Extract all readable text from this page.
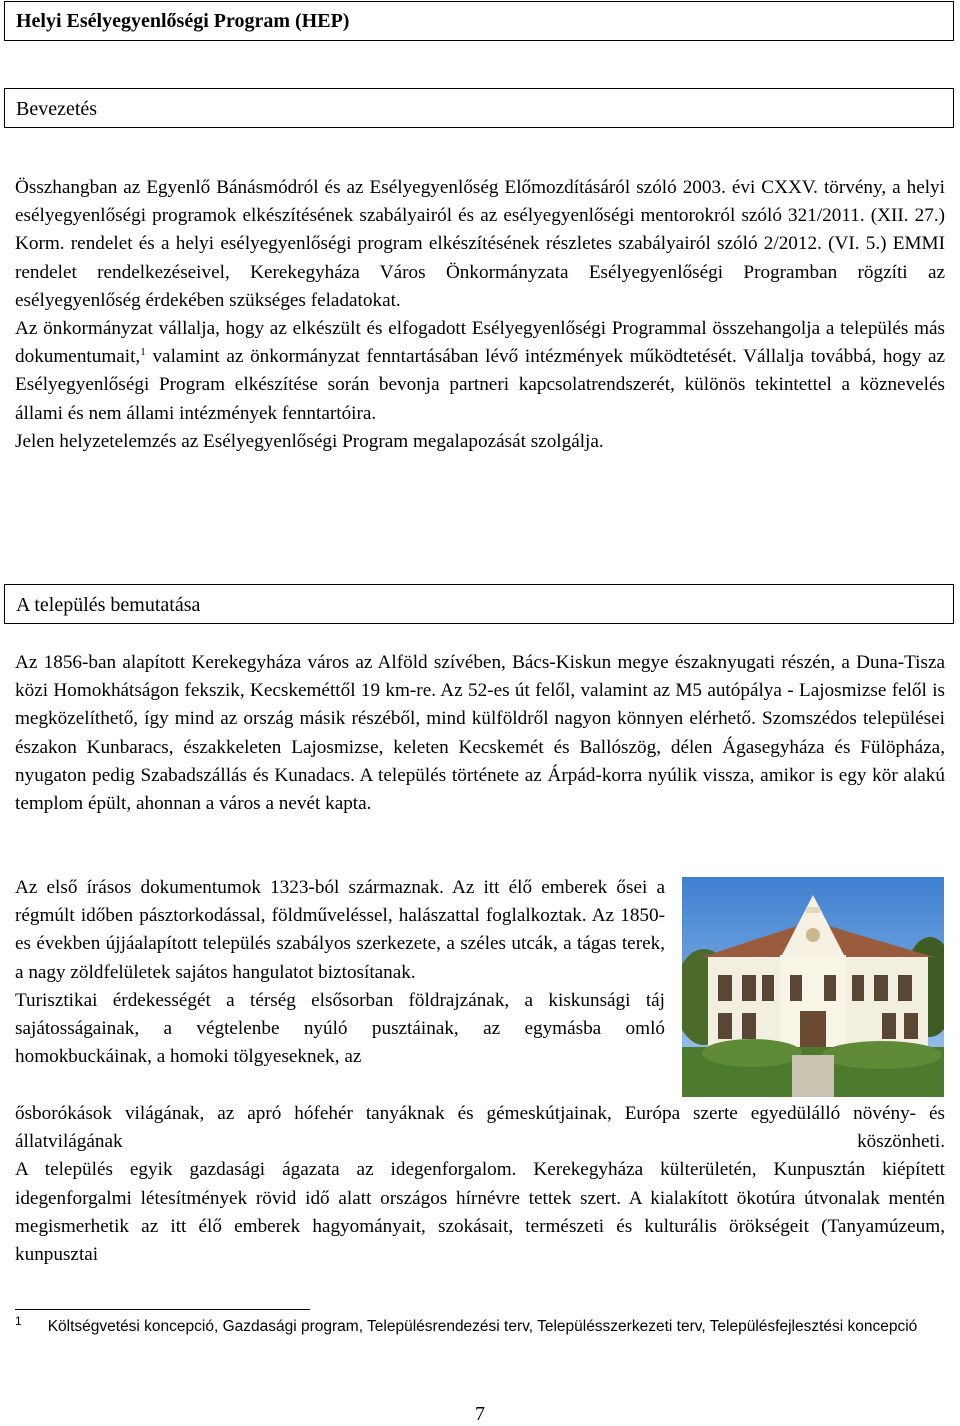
Helyi Esélyegyenlőségi Program (HEP)
Bevezetés

Összhangban az Egyenlő Bánásmódról és az Esélyegyenlőség Előmozdításáról szóló 2003. évi CXXV. törvény, a helyi esélyegyenlőségi programok elkészítésének szabályairól és az esélyegyenlőségi mentorokról szóló 321/2011. (XII. 27.) Korm. rendelet és a helyi esélyegyenlőségi program elkészítésének részletes szabályairól szóló 2/2012. (VI. 5.) EMMI rendelet rendelkezéseivel, Kerekegyháza Város Önkormányzata Esélyegyenlőségi Programban rögzíti az esélyegyenlőség érdekében szükséges feladatokat.

Az önkormányzat vállalja, hogy az elkészült és elfogadott Esélyegyenlőségi Programmal összehangolja a település más dokumentumait,$^1$ valamint az önkormányzat fenntartásában lévő intézmények működtetését. Vállalja továbbá, hogy az Esélyegyenlőségi Program elkészítése során bevonja partneri kapcsolatrendszerét, különös tekintettel a köznevelés állami és nem állami intézmények fenntartóira.

Jelen helyzetelemzés az Esélyegyenlőségi Program megalapozását szolgálja.

A település bemutatása

Az 1856-ban alapított Kerekegyháza város az Alföld szívében, Bács-Kiskun megye északnyugati részén, a Duna-Tisza közi Homokhátságon fekszik, Kecskeméttől 19 km-re. Az 52-es út felől, valamint az M5 autópálya - Lajosmizse felől is megközelíthető, így mind az ország másik részéből, mind külföldről nagyon könnyen elérhető. Szomszédos települései északon Kunbaracs, északkeleten Lajosmizse, keleten Kecskemét és Ballószög, délen Ágasegyháza és Fülöpháza, nyugaton pedig Szabadszállás és Kunadacs. A település története az Árpád-korra nyúlik vissza, amikor is egy kör alakú templom épült, ahonnan a város a nevét kapta.

Az első írásos dokumentumok 1323-ból származnak. Az itt élő emberek ősei a régmúlt időben pásztorkodással, földműveléssel, halászattal foglalkoztak. Az 1850-es években újjáalapított település szabályos szerkezete, a széles utcák, a tágas terek, a nagy zöldfelületek sajátos hangulatot biztosítanak.

Turisztikai érdekességét a térség elsősorban földrajzának, a kiskunsági táj sajátosságainak, a végtelenbe nyúló pusztáinak, az egymásba omló homokbuckáinak, a homoki tölgyeseknek, az

ősborókások világának, az apró hófehér tanyáknak és gémeskútjainak, Európa szerte egyedülálló növény- és állatvilágának köszönheti.

A település egyik gazdasági ágazata az idegenforgalom. Kerekegyháza külterületén, Kunpusztán kiépített idegenforgalmi létesítmények rövid idő alatt országos hírnévre tettek szert. A kialakított ökotúra útvonalak mentén megismerhetik az itt élő emberek hagyományait, szokásait, természeti és kulturális örökségeit (Tanyamúzeum, kunpusztai

$^1$ Költségvetési koncepció, Gazdasági program, Településrendezési terv, Településszerkezeti terv, Településfejlesztési koncepció
7
